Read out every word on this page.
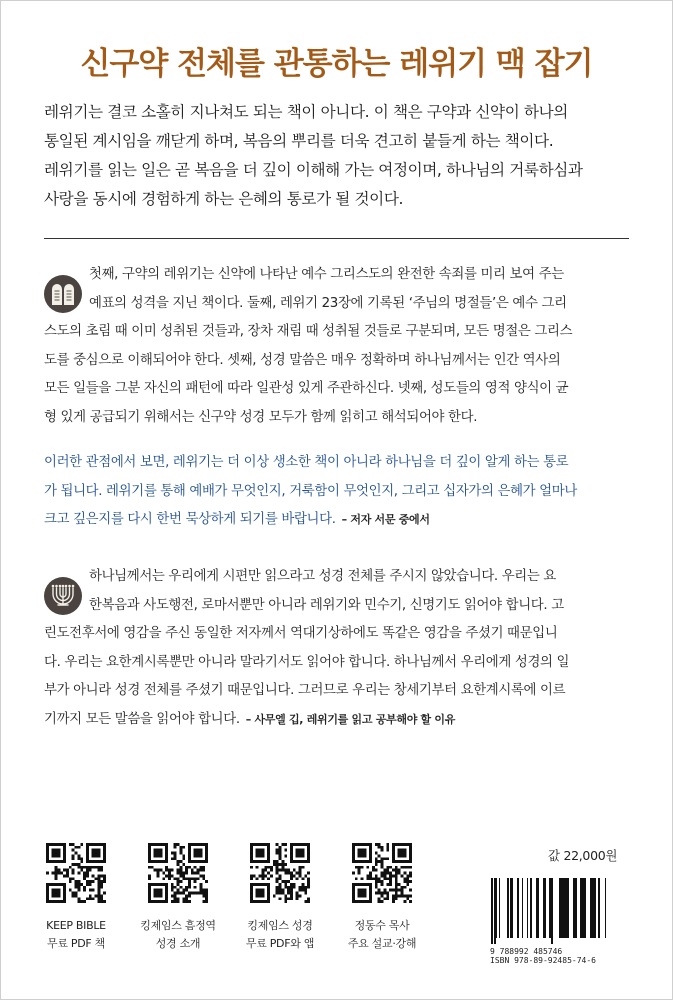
신구약 전체를 관통하는 레위기 맥 잡기

레위기는 결코 소홀히 지나쳐도 되는 책이 아니다. 이 책은 구약과 신약이 하나의

통일된 계시임을 깨닫게 하며, 복음의 뿌리를 더욱 견고히 붙들게 하는 책이다.

레위기를 읽는 일은 곧 복음을 더 깊이 이해해 가는 여정이며, 하나님의 거룩하심과

사랑을 동시에 경험하게 하는 은혜의 통로가 될 것이다.

첫째, 구약의 레위기는 신약에 나타난 예수 그리스도의 완전한 속죄를 미리 보여 주는

예표의 성격을 지닌 책이다. 둘째, 레위기 23장에 기록된 ‘주님의 명절들’은 예수 그리

스도의 초림 때 이미 성취된 것들과, 장차 재림 때 성취될 것들로 구분되며, 모든 명절은 그리스

도를 중심으로 이해되어야 한다. 셋째, 성경 말씀은 매우 정확하며 하나님께서는 인간 역사의

모든 일들을 그분 자신의 패턴에 따라 일관성 있게 주관하신다. 넷째, 성도들의 영적 양식이 균

형 있게 공급되기 위해서는 신구약 성경 모두가 함께 읽히고 해석되어야 한다.

이러한 관점에서 보면, 레위기는 더 이상 생소한 책이 아니라 하나님을 더 깊이 알게 하는 통로

가 됩니다. 레위기를 통해 예배가 무엇인지, 거룩함이 무엇인지, 그리고 십자가의 은혜가 얼마나

크고 깊은지를 다시 한번 묵상하게 되기를 바랍니다. – 저자 서문 중에서

하나님께서는 우리에게 시편만 읽으라고 성경 전체를 주시지 않았습니다. 우리는 요

한복음과 사도행전, 로마서뿐만 아니라 레위기와 민수기, 신명기도 읽어야 합니다. 고

린도전후서에 영감을 주신 동일한 저자께서 역대기상하에도 똑같은 영감을 주셨기 때문입니

다. 우리는 요한계시록뿐만 아니라 말라기서도 읽어야 합니다. 하나님께서 우리에게 성경의 일

부가 아니라 성경 전체를 주셨기 때문입니다. 그러므로 우리는 창세기부터 요한계시록에 이르

기까지 모든 말씀을 읽어야 합니다. – 사무엘 깁, 레위기를 읽고 공부해야 할 이유

KEEP BIBLE

무료 PDF 책

킹제임스 흠정역

성경 소개

킹제임스 성경

무료 PDF와 앱

정동수 목사

주요 설교·강해

값 22,000원
9 788992 485746
ISBN 978-89-92485-74-6
